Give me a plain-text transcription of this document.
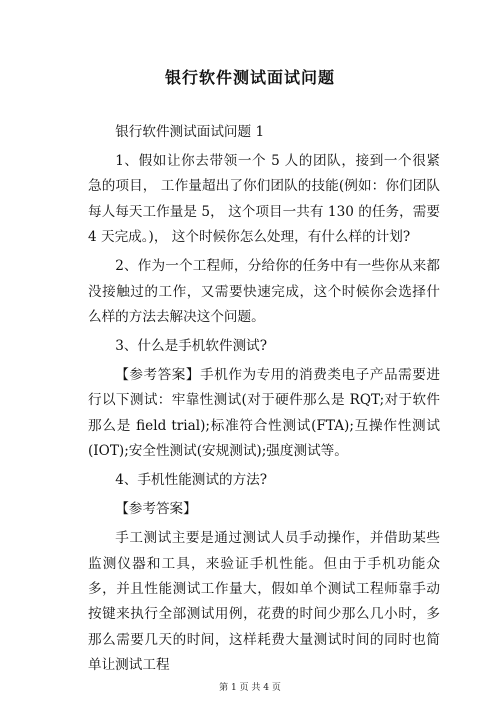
银行软件测试面试问题

银行软件测试面试问题 1

1、假如让你去带领一个 5 人的团队，接到一个很紧急的项目， 工作量超出了你们团队的技能(例如：你们团队每人每天工作量是 5， 这个项目一共有 130 的任务，需要 4 天完成。)， 这个时候你怎么处理，有什么样的计划?

2、作为一个工程师，分给你的任务中有一些你从来都没接触过的工作，又需要快速完成，这个时候你会选择什么样的方法去解决这个问题。

3、什么是手机软件测试?

【参考答案】手机作为专用的消费类电子产品需要进行以下测试：牢靠性测试(对于硬件那么是 RQT;对于软件那么是 field trial);标准符合性测试(FTA);互操作性测试(IOT);安全性测试(安规测试);强度测试等。

4、手机性能测试的方法?

【参考答案】

手工测试主要是通过测试人员手动操作，并借助某些监测仪器和工具，来验证手机性能。但由于手机功能众多，并且性能测试工作量大，假如单个测试工程师靠手动按键来执行全部测试用例，花费的时间少那么几小时，多那么需要几天的时间，这样耗费大量测试时间的同时也简单让测试工程

第 1 页 共 4 页
